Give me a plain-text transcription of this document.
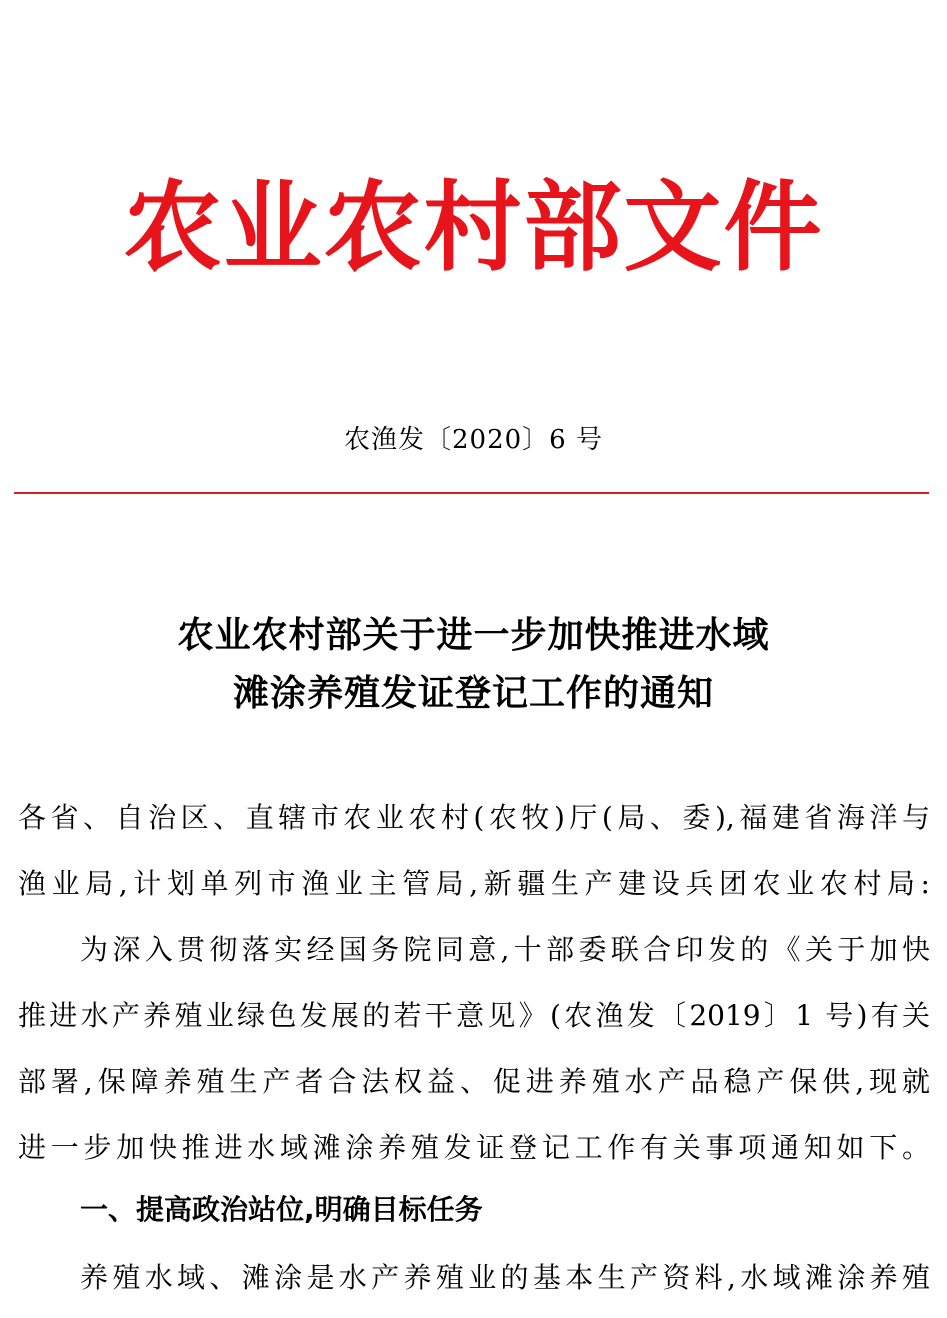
农业农村部文件
农渔发〔2020〕6 号
农业农村部关于进一步加快推进水域
滩涂养殖发证登记工作的通知
各省、自治区、直辖市农业农村(农牧)厅(局、委),福建省海洋与
渔业局,计划单列市渔业主管局,新疆生产建设兵团农业农村局:
为深入贯彻落实经国务院同意,十部委联合印发的《关于加快
推进水产养殖业绿色发展的若干意见》(农渔发〔2019〕1 号)有关
部署,保障养殖生产者合法权益、促进养殖水产品稳产保供,现就
进一步加快推进水域滩涂养殖发证登记工作有关事项通知如下。
一、提高政治站位,明确目标任务
养殖水域、滩涂是水产养殖业的基本生产资料,水域滩涂养殖
